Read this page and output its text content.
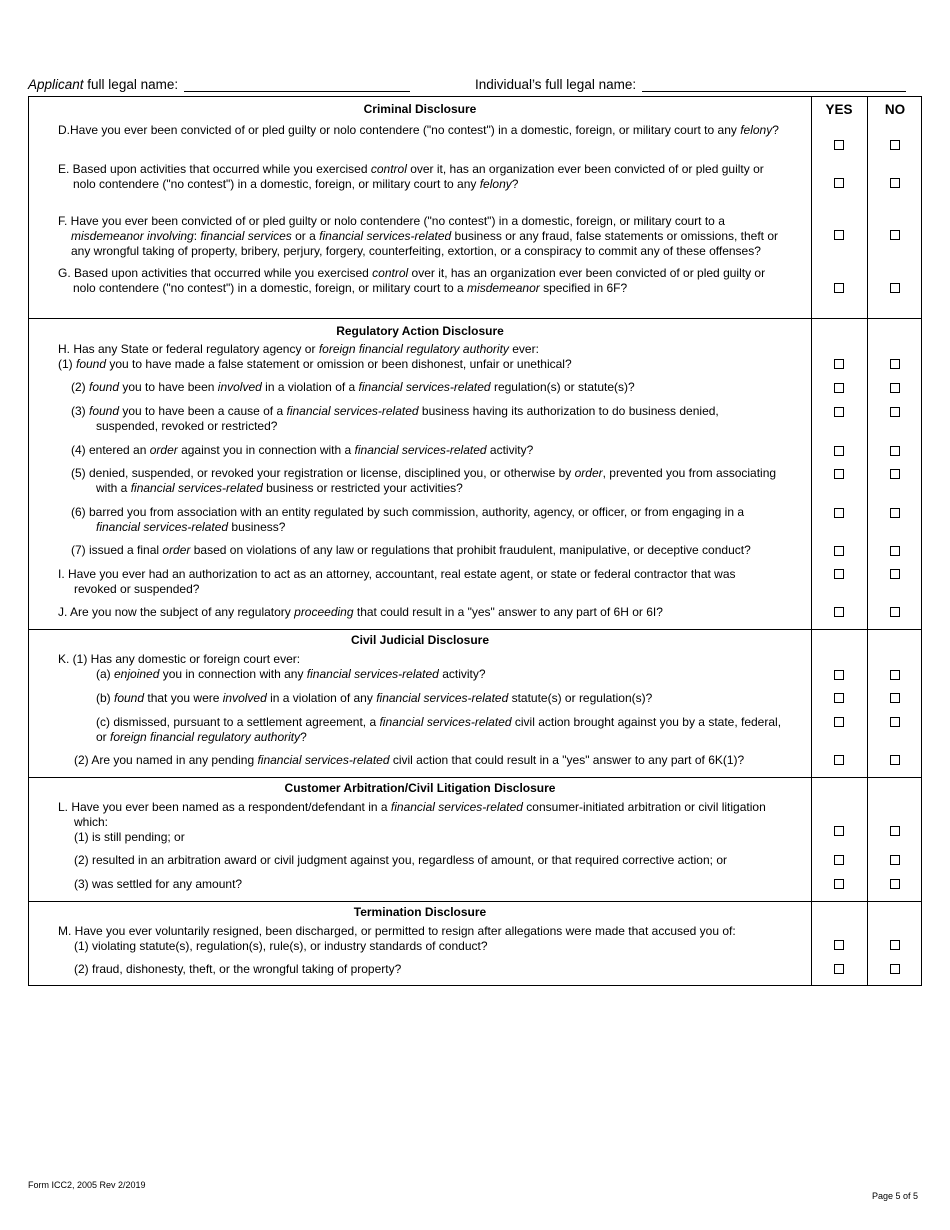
Applicant full legal name:	Individual’s full legal name:
YES	NO
Criminal Disclosure
Regulatory Action Disclosure
Civil Judicial Disclosure
Customer Arbitration/Civil Litigation Disclosure
Termination Disclosure

D.Have you ever been convicted of or pled guilty or nolo contendere ("no contest") in a domestic, foreign, or military court to any felony?

E. Based upon activities that occurred while you exercised control over it, has an organization ever been convicted of or pled guilty or

nolo contendere ("no contest") in a domestic, foreign, or military court to any felony?

F. Have you ever been convicted of or pled guilty or nolo contendere ("no contest") in a domestic, foreign, or military court to a

misdemeanor involving: financial services or a financial services-related business or any fraud, false statements or omissions, theft or

any wrongful taking of property, bribery, perjury, forgery, counterfeiting, extortion, or a conspiracy to commit any of these offenses?

G. Based upon activities that occurred while you exercised control over it, has an organization ever been convicted of or pled guilty or

nolo contendere ("no contest") in a domestic, foreign, or military court to a misdemeanor specified in 6F?

H. Has any State or federal regulatory agency or foreign financial regulatory authority ever:

(1) found you to have made a false statement or omission or been dishonest, unfair or unethical?

(2) found you to have been involved in a violation of a financial services-related regulation(s) or statute(s)?

(3) found you to have been a cause of a financial services-related business having its authorization to do business denied,

suspended, revoked or restricted?

(4) entered an order against you in connection with a financial services-related activity?

(5) denied, suspended, or revoked your registration or license, disciplined you, or otherwise by order, prevented you from associating

with a financial services-related business or restricted your activities?

(6) barred you from association with an entity regulated by such commission, authority, agency, or officer, or from engaging in a

financial services-related business?

(7) issued a final order based on violations of any law or regulations that prohibit fraudulent, manipulative, or deceptive conduct?

I. Have you ever had an authorization to act as an attorney, accountant, real estate agent, or state or federal contractor that was

revoked or suspended?

J. Are you now the subject of any regulatory proceeding that could result in a "yes" answer to any part of 6H or 6I?

K. (1) Has any domestic or foreign court ever:

(a) enjoined you in connection with any financial services-related activity?

(b) found that you were involved in a violation of any financial services-related statute(s) or regulation(s)?

(c) dismissed, pursuant to a settlement agreement, a financial services-related civil action brought against you by a state, federal,

or foreign financial regulatory authority?

(2) Are you named in any pending financial services-related civil action that could result in a "yes" answer to any part of 6K(1)?

L. Have you ever been named as a respondent/defendant in a financial services-related consumer-initiated arbitration or civil litigation

which:

(1) is still pending; or

(2) resulted in an arbitration award or civil judgment against you, regardless of amount, or that required corrective action; or

(3) was settled for any amount?

M. Have you ever voluntarily resigned, been discharged, or permitted to resign after allegations were made that accused you of:

(1) violating statute(s), regulation(s), rule(s), or industry standards of conduct?

(2) fraud, dishonesty, theft, or the wrongful taking of property?

Form ICC2, 2005 Rev 2/2019
Page 5 of 5
